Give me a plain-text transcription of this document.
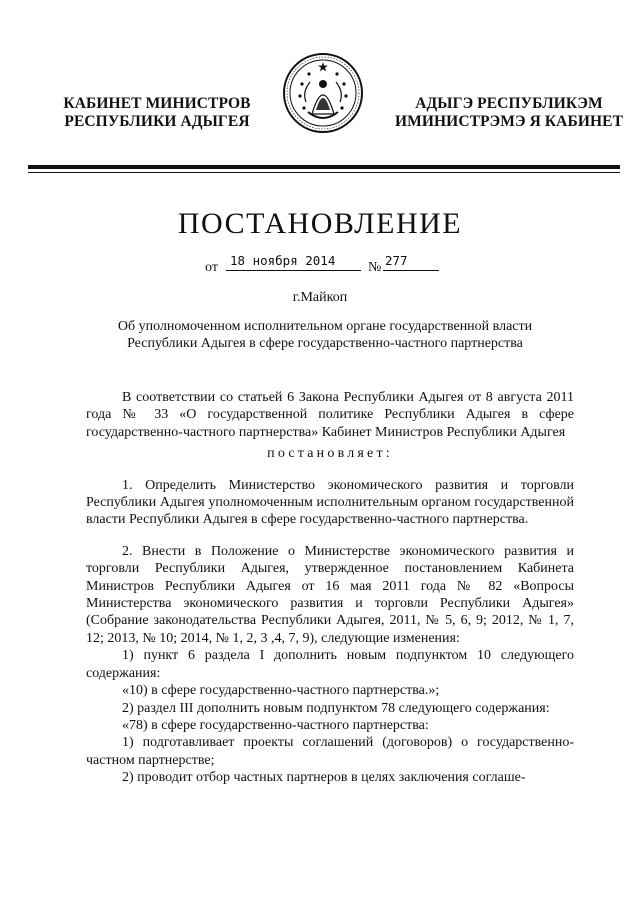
КАБИНЕТ МИНИСТРОВ
РЕСПУБЛИКИ АДЫГЕЯ
АДЫГЭ РЕСПУБЛИКЭМ
ИМИНИСТРЭМЭ Я КАБИНЕТ
ПОСТАНОВЛЕНИЕ
от 18 ноября 2014	№ 277
г.Майкоп
Об уполномоченном исполнительном органе государственной власти
Республики Адыгея в сфере государственно-частного партнерства

В соответствии со статьей 6 Закона Республики Адыгея от 8 августа 2011 года № 33 «О государственной политике Республики Адыгея в сфере государственно-частного партнерства» Кабинет Министров Республики Адыгея

постановляет:

1. Определить Министерство экономического развития и торговли Республики Адыгея уполномоченным исполнительным органом государственной власти Республики Адыгея в сфере государственно-частного партнерства.

2. Внести в Положение о Министерстве экономического развития и торговли Республики Адыгея, утвержденное постановлением Кабинета Министров Республики Адыгея от 16 мая 2011 года № 82 «Вопросы Министерства экономического развития и торговли Республики Адыгея» (Собрание законодательства Республики Адыгея, 2011, № 5, 6, 9; 2012, № 1, 7, 12; 2013, № 10; 2014, № 1, 2, 3 ,4, 7, 9), следующие изменения:

1) пункт 6 раздела I дополнить новым подпунктом 10 следующего содержания:

«10) в сфере государственно-частного партнерства.»;

2) раздел III дополнить новым подпунктом 78 следующего содержания:

«78) в сфере государственно-частного партнерства:

1) подготавливает проекты соглашений (договоров) о государственно-частном партнерстве;

2) проводит отбор частных партнеров в целях заключения соглаше-
